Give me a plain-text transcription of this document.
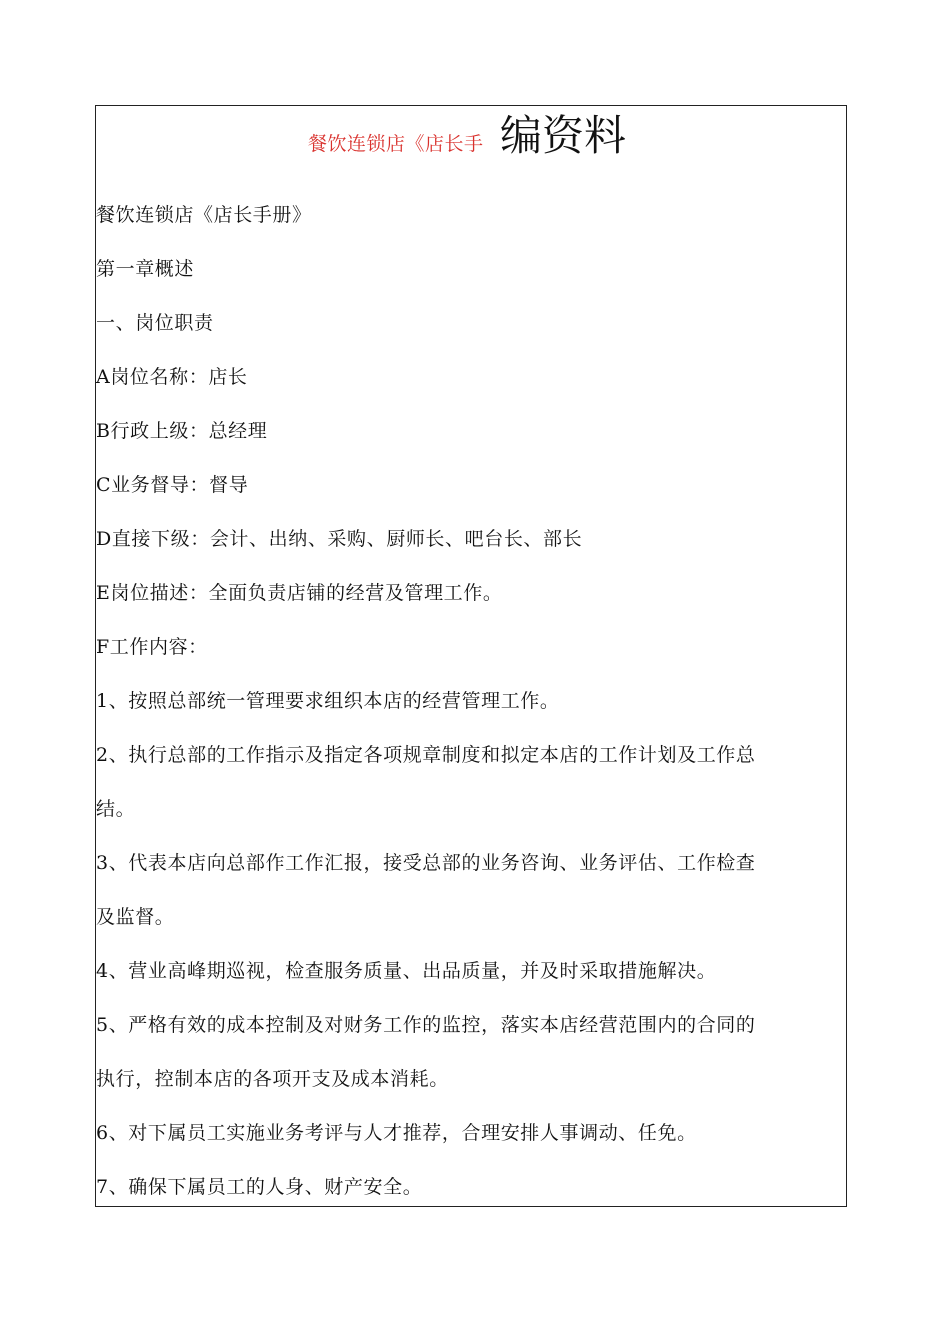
餐饮连锁店《店长手 编资料
餐饮连锁店《店长手册》
第一章概述
一、岗位职责
A岗位名称：店长
B行政上级：总经理
C业务督导：督导
D直接下级：会计、出纳、采购、厨师长、吧台长、部长
E岗位描述：全面负责店铺的经营及管理工作。
F工作内容：
1、按照总部统一管理要求组织本店的经营管理工作。
2、执行总部的工作指示及指定各项规章制度和拟定本店的工作计划及工作总
结。
3、代表本店向总部作工作汇报，接受总部的业务咨询、业务评估、工作检查
及监督。
4、营业高峰期巡视，检查服务质量、出品质量，并及时采取措施解决。
5、严格有效的成本控制及对财务工作的监控，落实本店经营范围内的合同的
执行，控制本店的各项开支及成本消耗。
6、对下属员工实施业务考评与人才推荐，合理安排人事调动、任免。
7、确保下属员工的人身、财产安全。
